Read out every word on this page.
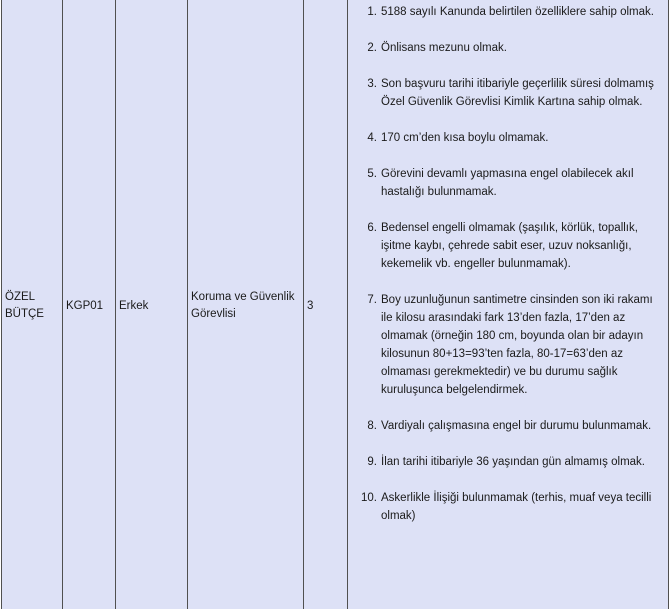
ÖZEL BÜTÇE	KGP01	Erkek	Koruma ve Güvenlik Görevlisi	3	
1. 5188 sayılı Kanunda belirtilen özelliklere sahip olmak.
2. Önlisans mezunu olmak.
3. Son başvuru tarihi itibariyle geçerlilik süresi dolmamış Özel Güvenlik Görevlisi Kimlik Kartına sahip olmak.
4. 170 cm’den kısa boylu olmamak.
5. Görevini devamlı yapmasına engel olabilecek akıl hastalığı bulunmamak.
6. Bedensel engelli olmamak (şaşılık, körlük, topallık, işitme kaybı, çehrede sabit eser, uzuv noksanlığı, kekemelik vb. engeller bulunmamak).
7. Boy uzunluğunun santimetre cinsinden son iki rakamı ile kilosu arasındaki fark 13’den fazla, 17’den az olmamak (örneğin 180 cm, boyunda olan bir adayın kilosunun 80+13=93’ten fazla, 80-17=63’den az olmaması gerekmektedir) ve bu durumu sağlık kuruluşunca belgelendirmek.
8. Vardiyalı çalışmasına engel bir durumu bulunmamak.
9. İlan tarihi itibariyle 36 yaşından gün almamış olmak.
10. Askerlikle İlişiği bulunmamak (terhis, muaf veya tecilli olmak)
